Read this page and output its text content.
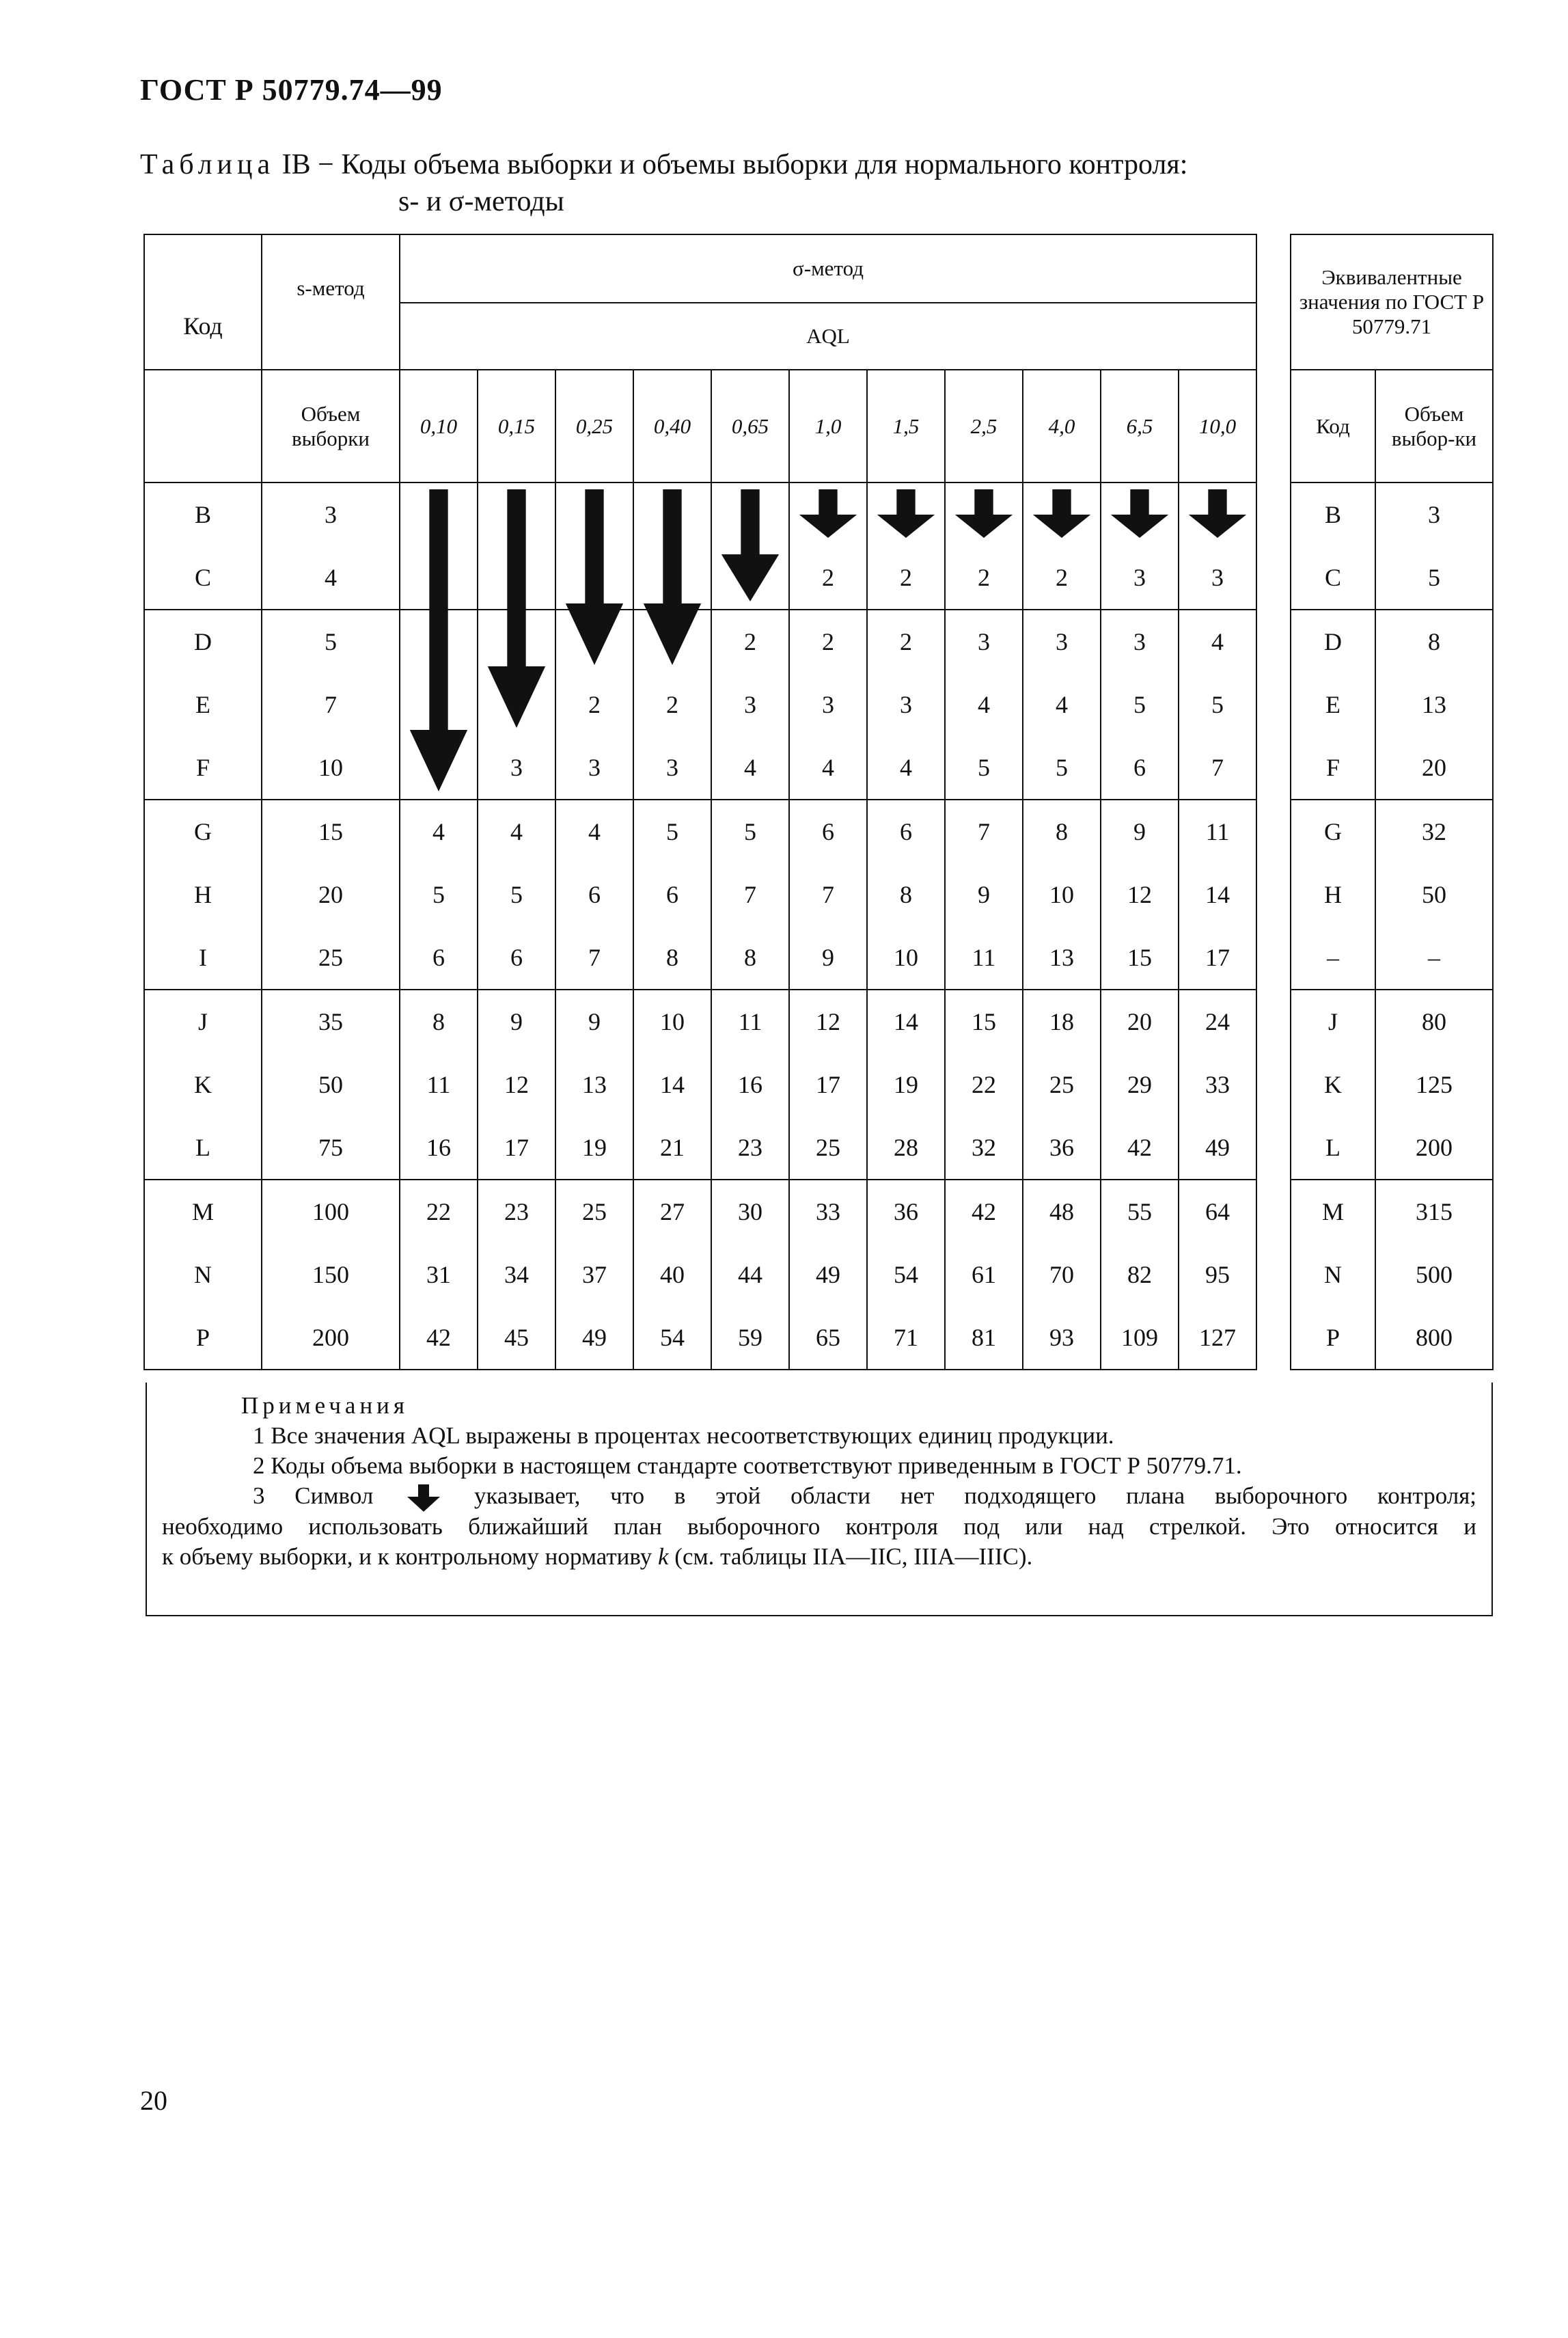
ГОСТ Р 50779.74—99
Таблица IB − Коды объема выборки и объемы выборки для нормального контроля:
s- и σ-методы
Код	s-метод	σ-метод										
		AQL										
	Объем выборки	0,10	0,15	0,25	0,40	0,65	1,0	1,5	2,5	4,0	6,5	10,0
B	3											
C	4						2	2	2	2	3	3
D	5					2	2	2	3	3	3	4
E	7			2	2	3	3	3	4	4	5	5
F	10		3	3	3	4	4	4	5	5	6	7
G	15	4	4	4	5	5	6	6	7	8	9	11
H	20	5	5	6	6	7	7	8	9	10	12	14
I	25	6	6	7	8	8	9	10	11	13	15	17
J	35	8	9	9	10	11	12	14	15	18	20	24
K	50	11	12	13	14	16	17	19	22	25	29	33
L	75	16	17	19	21	23	25	28	32	36	42	49
M	100	22	23	25	27	30	33	36	42	48	55	64
N	150	31	34	37	40	44	49	54	61	70	82	95
P	200	42	45	49	54	59	65	71	81	93	109	127
Эквивалентные значения по ГОСТ Р 50779.71	
Код	Объем выбор-ки
B	3
C	5
D	8
E	13
F	20
G	32
H	50
–	–
J	80
K	125
L	200
M	315
N	500
P	800
Примечания
1 Все значения AQL выражены в процентах несоответствующих единиц продукции.
2 Коды объема выборки в настоящем стандарте соответствуют приведенным в ГОСТ Р 50779.71.
3 Символ	указывает, что в этой области нет подходящего плана выборочного контроля;
необходимо использовать ближайший план выборочного контроля под или над стрелкой. Это относится и
к объему выборки, и к контрольному нормативу k (см. таблицы IIA—IIC, IIIA—IIIC).
20
